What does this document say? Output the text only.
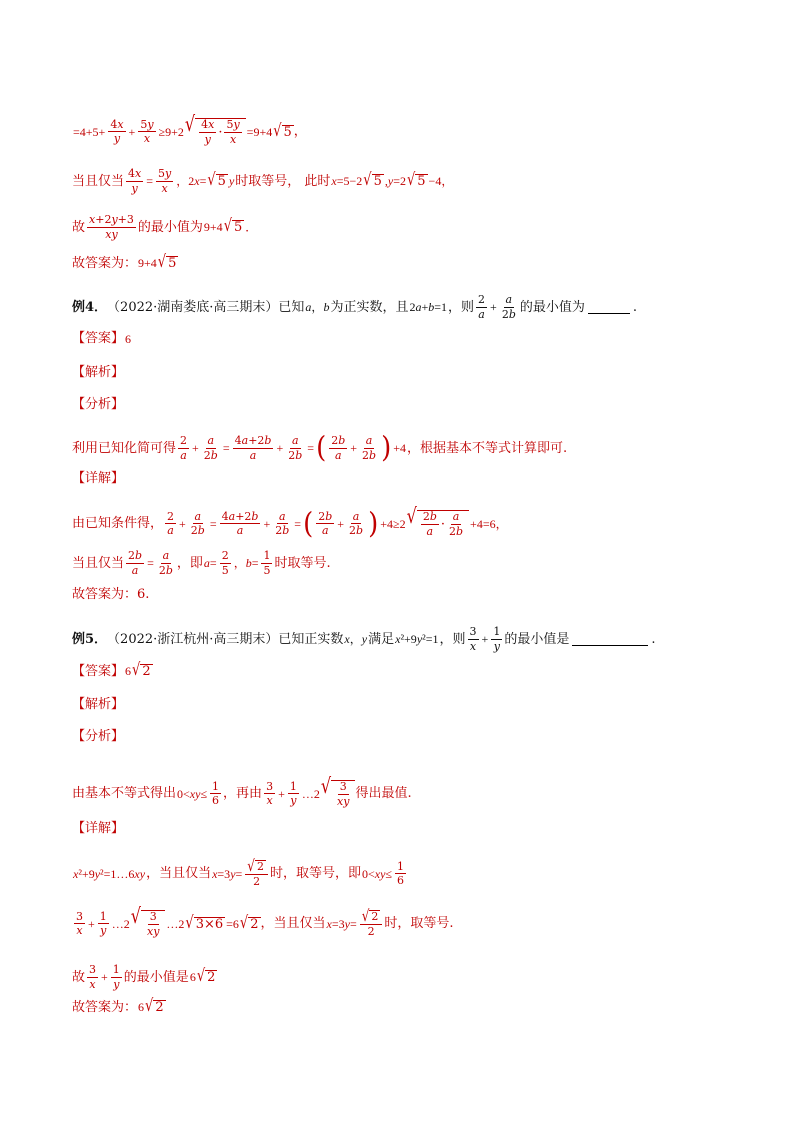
$=4+5+ \frac{4x}{y} + \frac{5y}{x} \ge 9+2$ √ $\frac{4x}{y} \cdot \frac{5y}{x} =9+4$ √ 5 ，
当且仅当 $\frac{4x}{y} = \frac{5y}{x}$ ，2 x = √ 5 y 时取等号， 此时 x =5−2 √ 5 , y =2 √ 5 −4，
故 $\frac{x+2y+3}{xy}$ 的最小值为 9+4 √ 5 ．
故答案为： 9+4 √ 5
例4． （2022·湖南娄底·高三期末） 已知 a ， b 为正实数，且 2 a + b =1 ，则 $\frac{2}{a} + \frac{a}{2b}$ 的最小值为	.
【答案】 6
【解析】
【分析】
利用已知化简可得 $\frac{2}{a} + \frac{a}{2b} = \frac{4a+2b}{a} + \frac{a}{2b}$ = ( $\frac{2b}{a} + \frac{a}{2b}$ ) +4 ，根据基本不等式计算即可.
【详解】
由已知条件得， $\frac{2}{a} + \frac{a}{2b} = \frac{4a+2b}{a} + \frac{a}{2b}$ = ( $\frac{2b}{a} + \frac{a}{2b}$ ) +4≥2 √ $\frac{2b}{a} \cdot \frac{a}{2b} +4=6$，
当且仅当 $\frac{2b}{a} = \frac{a}{2b}$ ，即 $a = \frac{2}{5}$ ， $b = \frac{1}{5}$ 时取等号.
故答案为：6.
例5． （2022·浙江杭州·高三期末） 已知正实数 x ， y 满足 x ²+9 y ²=1 ，则 $\frac{3}{x} + \frac{1}{y}$ 的最小值是	.
【答案】 6 √ 2
【解析】
【分析】
由基本不等式得出 0< xy ≤ $\frac{1}{6}$ ，再由 $\frac{3}{x} + \frac{1}{y}$ …2 √ $\frac{3}{xy}$ 得出最值.
【详解】
x ²+9 y ²=1…6 xy ，当且仅当 x =3 $y = \frac{√ 2}{2}$ 时，取等号，即 0< xy ≤ $\frac{1}{6}$
$\frac{3}{x} + \frac{1}{y}$ …2 √ $\frac{3}{xy}$ …2 √ 3×6 =6 √ 2 ，当且仅当 x =3 $y = \frac{√ 2}{2}$ 时，取等号.
故 $\frac{3}{x} + \frac{1}{y}$ 的最小值是 6 √ 2
故答案为： 6 √ 2
